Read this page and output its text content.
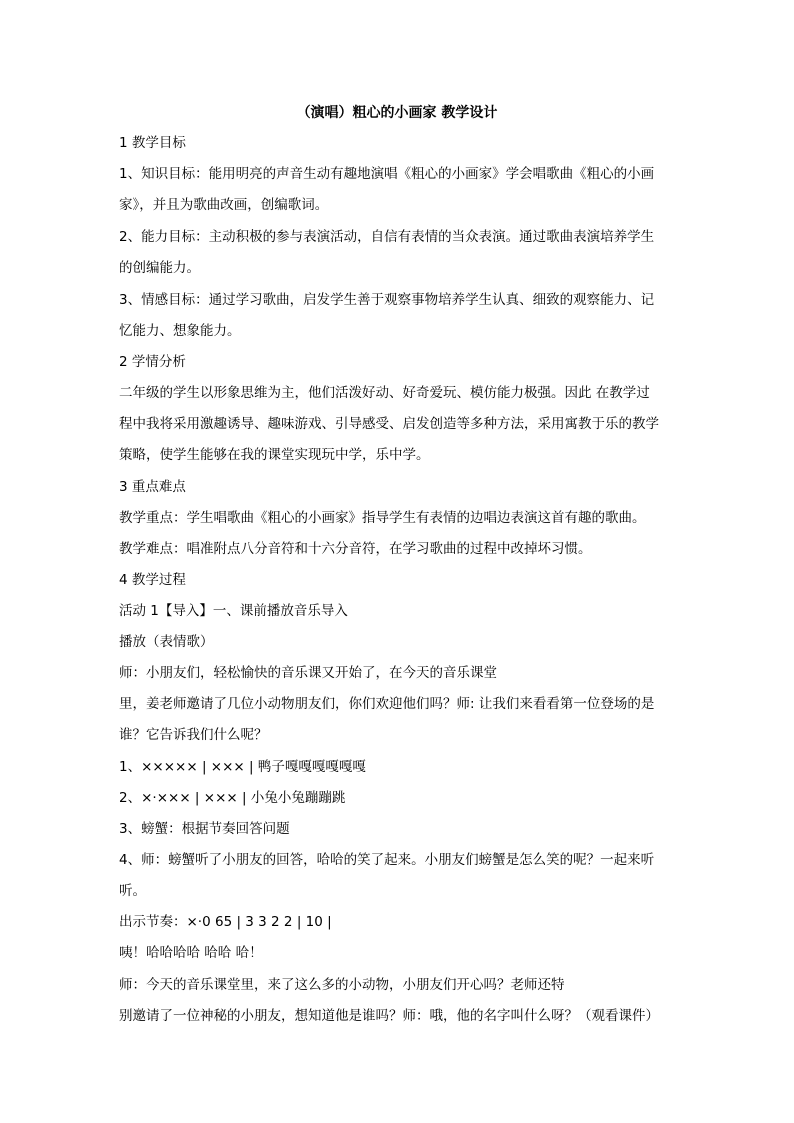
（演唱）粗心的小画家 教学设计
1 教学目标
1、知识目标：能用明亮的声音生动有趣地演唱《粗心的小画家》学会唱歌曲《粗心的小画
家》，并且为歌曲改画，创编歌词。
2、能力目标：主动积极的参与表演活动，自信有表情的当众表演。通过歌曲表演培养学生
的创编能力。
3、情感目标：通过学习歌曲，启发学生善于观察事物培养学生认真、细致的观察能力、记
忆能力、想象能力。
2 学情分析
二年级的学生以形象思维为主，他们活泼好动、好奇爱玩、模仿能力极强。因此 在教学过
程中我将采用激趣诱导、趣味游戏、引导感受、启发创造等多种方法，采用寓教于乐的教学
策略，使学生能够在我的课堂实现玩中学，乐中学。
3 重点难点
教学重点：学生唱歌曲《粗心的小画家》指导学生有表情的边唱边表演这首有趣的歌曲。
教学难点：唱准附点八分音符和十六分音符，在学习歌曲的过程中改掉坏习惯。
4 教学过程
活动 1【导入】一、课前播放音乐导入
播放（表情歌）
师：小朋友们，轻松愉快的音乐课又开始了，在今天的音乐课堂
里，姜老师邀请了几位小动物朋友们，你们欢迎他们吗？师: 让我们来看看第一位登场的是
谁？它告诉我们什么呢？
1、××××× | ××× | 鸭子嘎嘎嘎嘎嘎嘎
2、×·××× | ××× | 小兔小兔蹦蹦跳
3、螃蟹：根据节奏回答问题
4、师：螃蟹听了小朋友的回答，哈哈的笑了起来。小朋友们螃蟹是怎么笑的呢？一起来听
听。
出示节奏：×·0 65 | 3 3 2 2 | 10 |
咦！哈哈哈哈 哈哈 哈！
师：今天的音乐课堂里，来了这么多的小动物，小朋友们开心吗？老师还特
别邀请了一位神秘的小朋友，想知道他是谁吗？师：哦，他的名字叫什么呀？（观看课件）
